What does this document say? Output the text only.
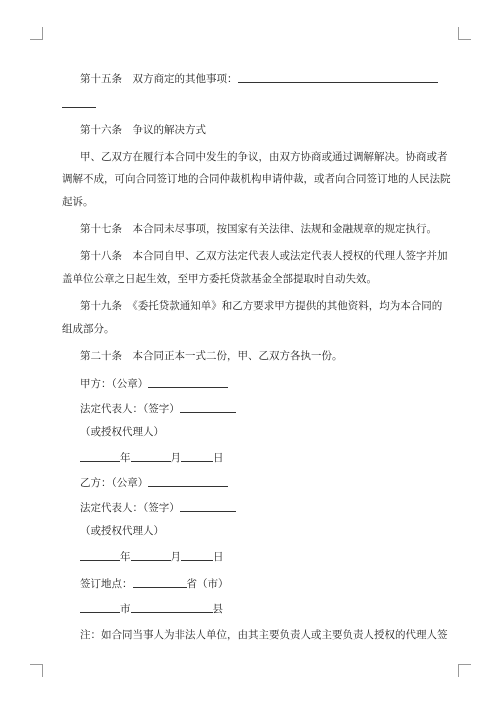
第十五条　双方商定的其他事项：
第十六条　争议的解决方式
甲、乙双方在履行本合同中发生的争议，由双方协商或通过调解解决。协商或者
调解不成，可向合同签订地的合同仲裁机构申请仲裁，或者向合同签订地的人民法院
起诉。
第十七条　本合同未尽事项，按国家有关法律、法规和金融规章的规定执行。
第十八条　本合同自甲、乙双方法定代表人或法定代表人授权的代理人签字并加
盖单位公章之日起生效，至甲方委托贷款基金全部提取时自动失效。
第十九条　《委托贷款通知单》和乙方要求甲方提供的其他资料，均为本合同的
组成部分。
第二十条　本合同正本一式二份，甲、乙双方各执一份。
甲方：（公章）
法定代表人：（签字）
（或授权代理人）
年	月	日
乙方：（公章）
法定代表人：（签字）
（或授权代理人）
年	月	日
签订地点：	省（市）
市	县
注：如合同当事人为非法人单位，由其主要负责人或主要负责人授权的代理人签
